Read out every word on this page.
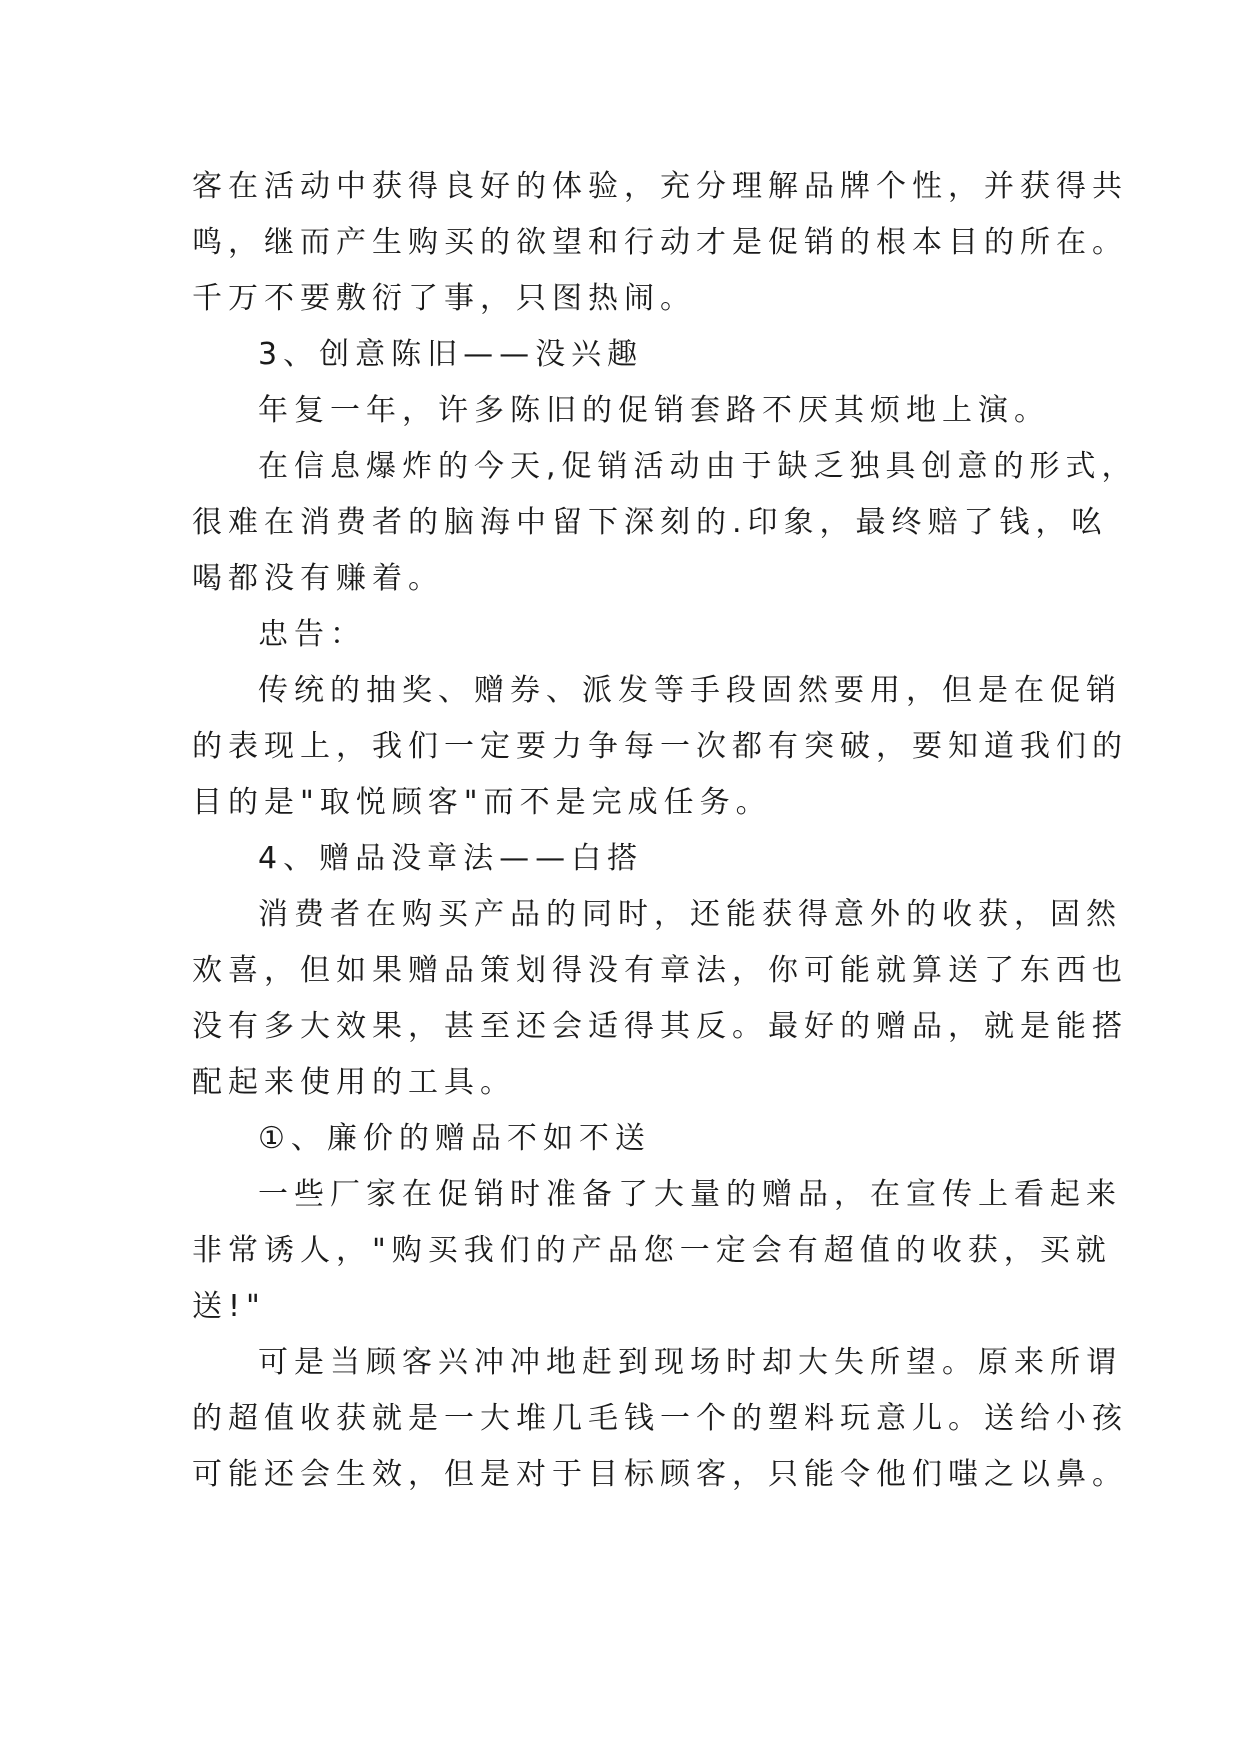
客在活动中获得良好的体验，充分理解品牌个性，并获得共
鸣，继而产生购买的欲望和行动才是促销的根本目的所在。
千万不要敷衍了事，只图热闹。
3、创意陈旧——没兴趣
年复一年，许多陈旧的促销套路不厌其烦地上演。
在信息爆炸的今天,促销活动由于缺乏独具创意的形式，
很难在消费者的脑海中留下深刻的.印象，最终赔了钱，吆
喝都没有赚着。
忠告：
传统的抽奖、赠券、派发等手段固然要用，但是在促销
的表现上，我们一定要力争每一次都有突破，要知道我们的
目的是"取悦顾客"而不是完成任务。
4、赠品没章法——白搭
消费者在购买产品的同时，还能获得意外的收获，固然
欢喜，但如果赠品策划得没有章法，你可能就算送了东西也
没有多大效果，甚至还会适得其反。最好的赠品，就是能搭
配起来使用的工具。
①、廉价的赠品不如不送
一些厂家在促销时准备了大量的赠品，在宣传上看起来
非常诱人，"购买我们的产品您一定会有超值的收获，买就
送!"
可是当顾客兴冲冲地赶到现场时却大失所望。原来所谓
的超值收获就是一大堆几毛钱一个的塑料玩意儿。送给小孩
可能还会生效，但是对于目标顾客，只能令他们嗤之以鼻。
